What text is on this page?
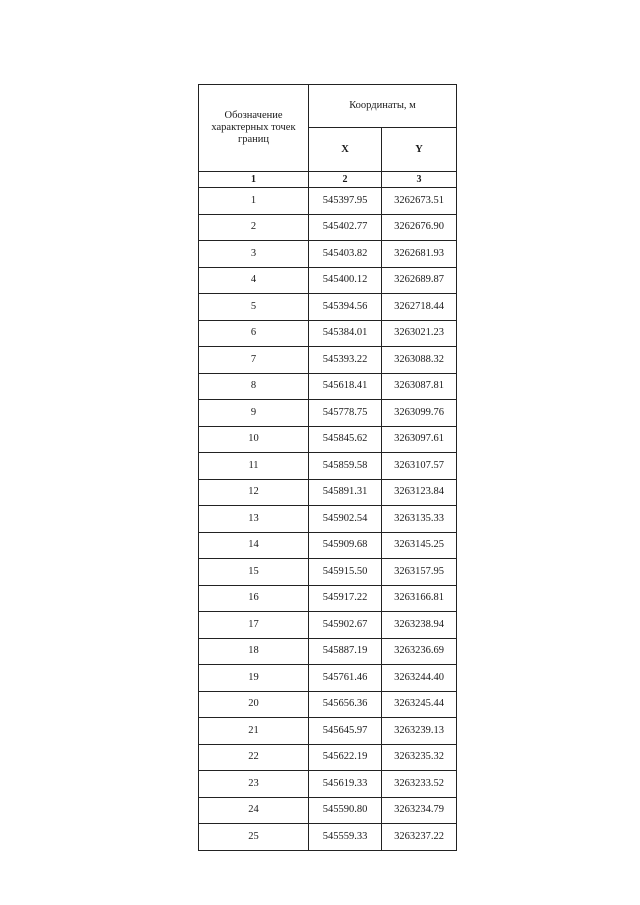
Обозначение характерных точек границ	Координаты, м	
	X	Y
1	2	3
1	545397.95	3262673.51
2	545402.77	3262676.90
3	545403.82	3262681.93
4	545400.12	3262689.87
5	545394.56	3262718.44
6	545384.01	3263021.23
7	545393.22	3263088.32
8	545618.41	3263087.81
9	545778.75	3263099.76
10	545845.62	3263097.61
11	545859.58	3263107.57
12	545891.31	3263123.84
13	545902.54	3263135.33
14	545909.68	3263145.25
15	545915.50	3263157.95
16	545917.22	3263166.81
17	545902.67	3263238.94
18	545887.19	3263236.69
19	545761.46	3263244.40
20	545656.36	3263245.44
21	545645.97	3263239.13
22	545622.19	3263235.32
23	545619.33	3263233.52
24	545590.80	3263234.79
25	545559.33	3263237.22
